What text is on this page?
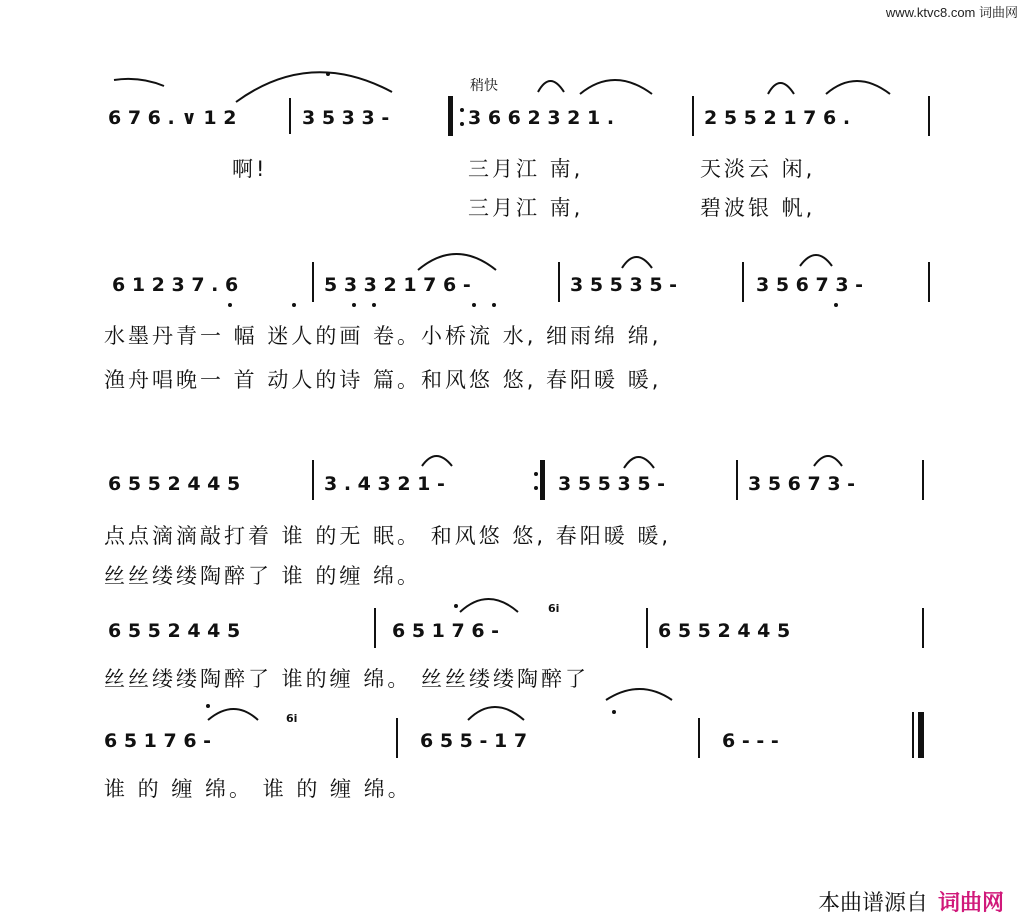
www.ktvc8.com 词曲网
稍快
6 7 6 . ∨ 1 2	3 5 3 3 -	3 6 6 2 3 2 1 .	2 5 5 2 1 7 6 .
啊!	三月江 南,	天淡云 闲,
三月江 南,	碧波银 帆,
6 1 2 3 7 . 6	5 3 3 2 1 7 6 -	3 5 5 3 5 -	3 5 6 7 3 -
水墨丹青一 幅 迷人的画 卷。小桥流 水, 细雨绵 绵,
渔舟唱晚一 首 动人的诗 篇。和风悠 悠, 春阳暖 暖,
6 5 5 2 4 4 5	3 . 4 3 2 1 -	3 5 5 3 5 -	3 5 6 7 3 -
点点滴滴敲打着 谁 的无 眠。 和风悠 悠, 春阳暖 暖,
丝丝缕缕陶醉了 谁 的缠 绵。
6 5 5 2 4 4 5
6i
6 5 1 7 6 -	6 5 5 2 4 4 5
丝丝缕缕陶醉了 谁的缠 绵。 丝丝缕缕陶醉了
6 5 1 7 6 -
6i
6 5 5 - 1 7	6 - - -
谁 的 缠 绵。 谁 的 缠 绵。
本曲谱源自 词曲网
